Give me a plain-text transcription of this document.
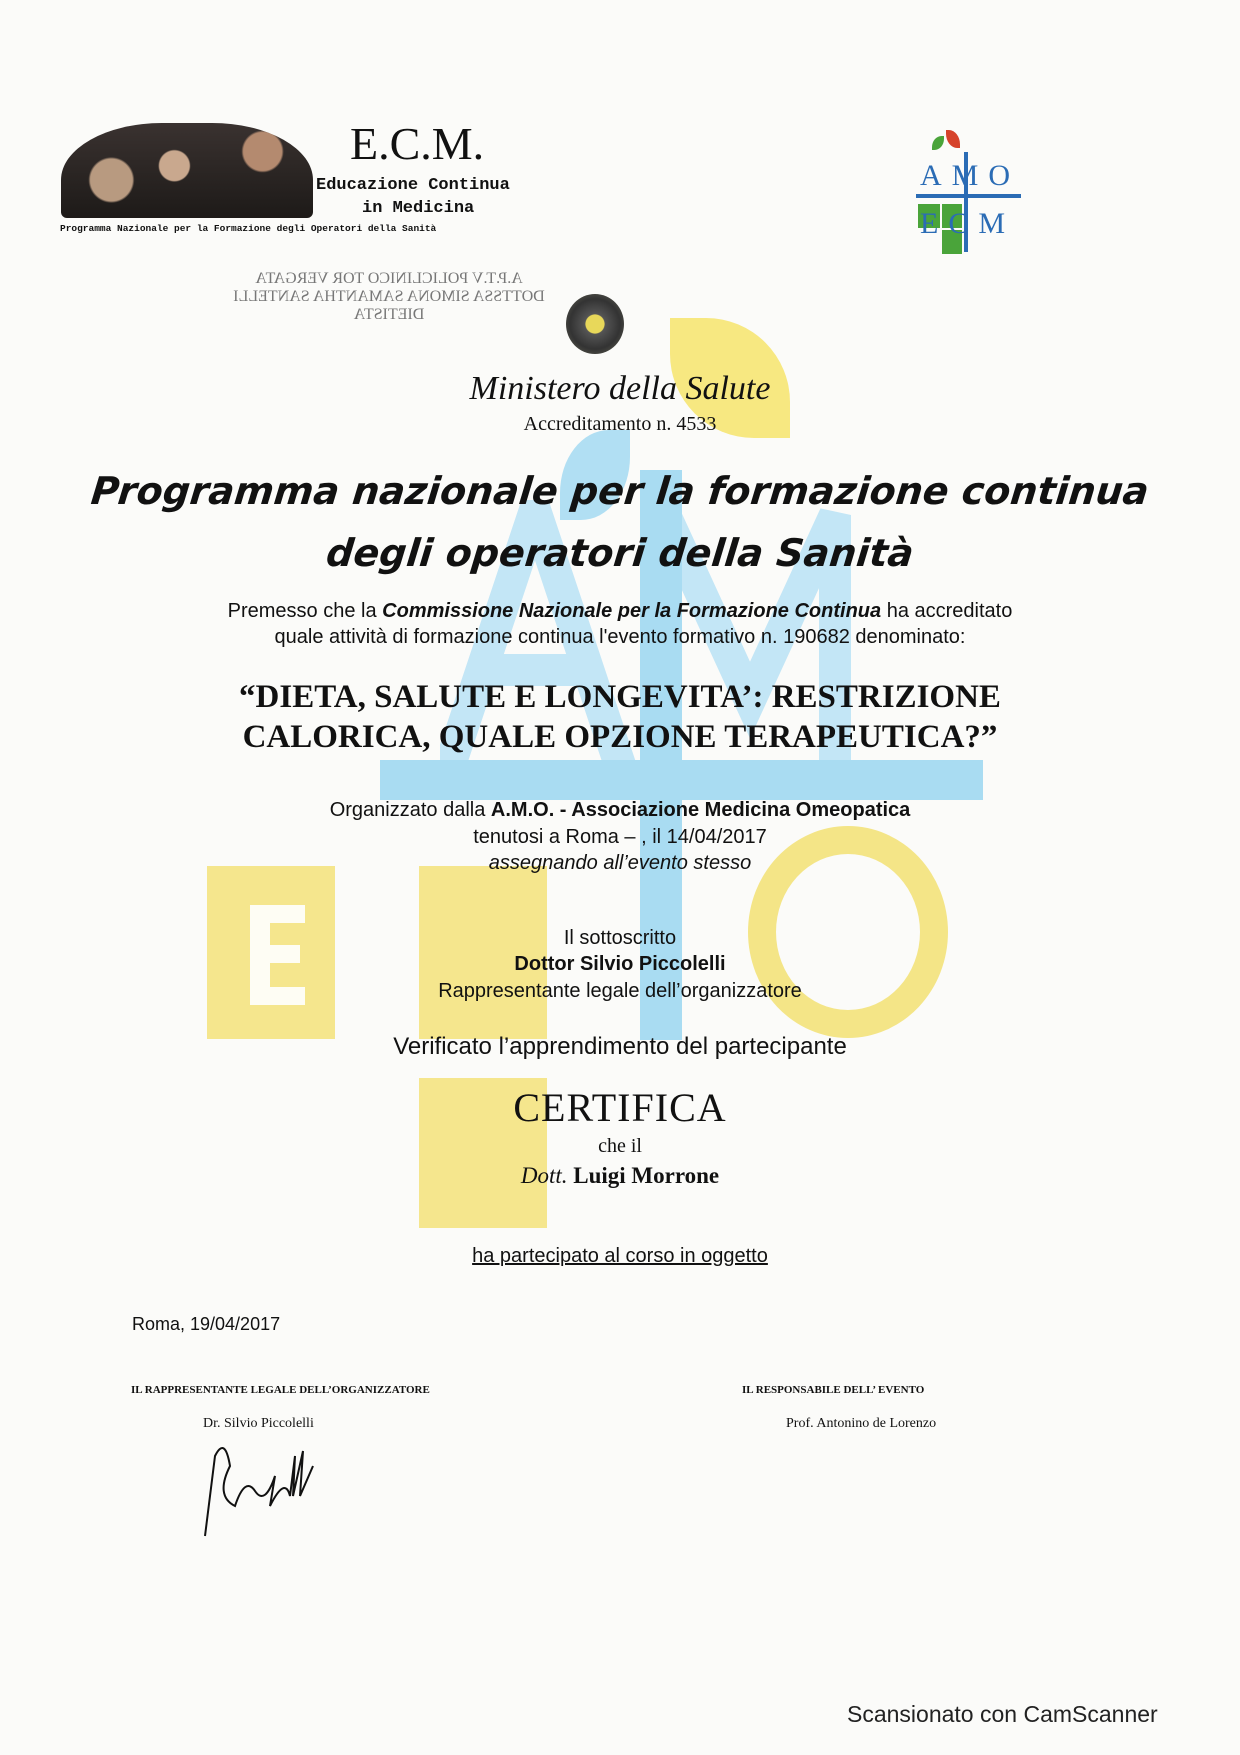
E.C.M.
Educazione Continua
in Medicina
Programma Nazionale per la Formazione degli Operatori della Sanità
AMO ECM
A.P.T.V POLICLINICO TOR VERGATA DOTTSSA SIMONA SAMANTHA SANTELLI DIETISTA
Ministero della Salute
Accreditamento n. 4533
Programma nazionale per la formazione continua
degli operatori della Sanità
Premesso che la Commissione Nazionale per la Formazione Continua ha accreditato
quale attività di formazione continua l'evento formativo n. 190682 denominato:
“DIETA, SALUTE E LONGEVITA’: RESTRIZIONE
CALORICA, QUALE OPZIONE TERAPEUTICA?”
Organizzato dalla A.M.O. - Associazione Medicina Omeopatica
tenutosi a Roma – , il 14/04/2017
assegnando all’evento stesso
Il sottoscritto
Dottor Silvio Piccolelli
Rappresentante legale dell’organizzatore
Verificato l’apprendimento del partecipante
CERTIFICA
che il
Dott. Luigi Morrone
ha partecipato al corso in oggetto
Roma, 19/04/2017
IL RAPPRESENTANTE LEGALE DELL’ORGANIZZATORE
Dr. Silvio Piccolelli
IL RESPONSABILE DELL’ EVENTO
Prof. Antonino de Lorenzo
Scansionato con CamScanner
